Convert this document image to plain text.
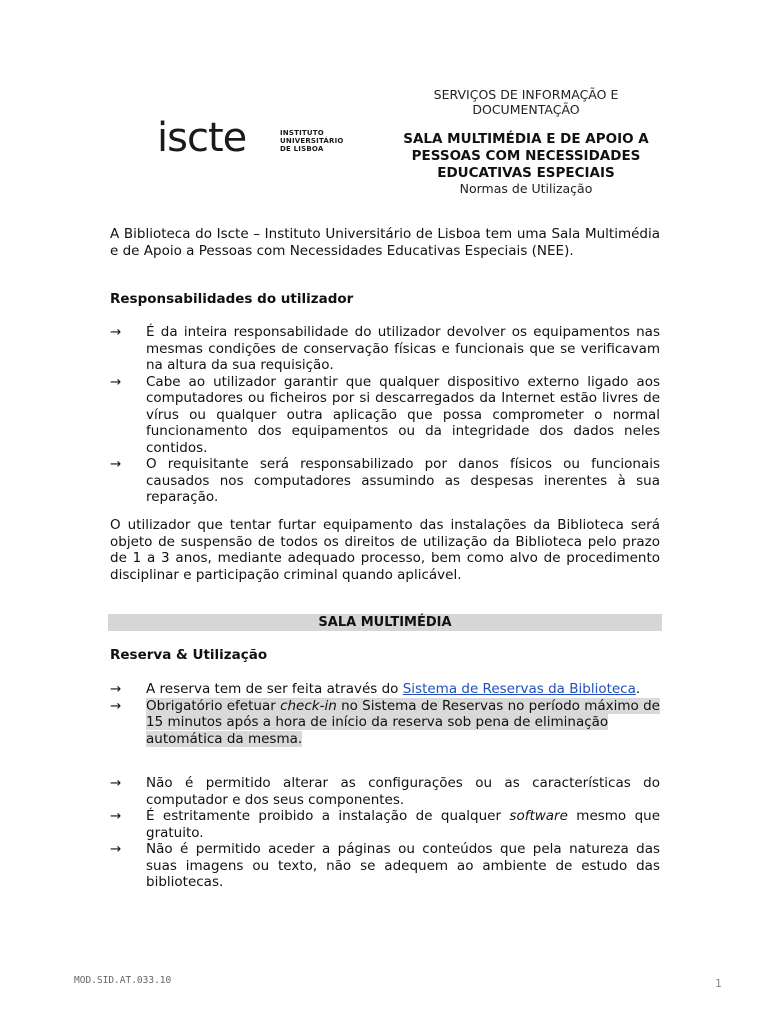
SERVIÇOS DE INFORMAÇÃO E DOCUMENTAÇÃO
iscte	INSTITUTO
UNIVERSITÁRIO
DE LISBOA
SALA MULTIMÉDIA E DE APOIO A PESSOAS COM NECESSIDADES EDUCATIVAS ESPECIAIS
Normas de Utilização

A Biblioteca do Iscte – Instituto Universitário de Lisboa tem uma Sala Multimédia e de Apoio a Pessoas com Necessidades Educativas Especiais (NEE).

Responsabilidades do utilizador
→	É da inteira responsabilidade do utilizador devolver os equipamentos nas mesmas condições de conservação físicas e funcionais que se verificavam na altura da sua requisição.
→	Cabe ao utilizador garantir que qualquer dispositivo externo ligado aos computadores ou ficheiros por si descarregados da Internet estão livres de vírus ou qualquer outra aplicação que possa comprometer o normal funcionamento dos equipamentos ou da integridade dos dados neles contidos.
→	O requisitante será responsabilizado por danos físicos ou funcionais causados nos computadores assumindo as despesas inerentes à sua reparação.

O utilizador que tentar furtar equipamento das instalações da Biblioteca será objeto de suspensão de todos os direitos de utilização da Biblioteca pelo prazo de 1 a 3 anos, mediante adequado processo, bem como alvo de procedimento disciplinar e participação criminal quando aplicável.

SALA MULTIMÉDIA
Reserva & Utilização
→	A reserva tem de ser feita através do Sistema de Reservas da Biblioteca.
→	Obrigatório efetuar check-in no Sistema de Reservas no período máximo de 15 minutos após a hora de início da reserva sob pena de eliminação automática da mesma.
→	Não é permitido alterar as configurações ou as características do computador e dos seus componentes.
→	É estritamente proibido a instalação de qualquer software mesmo que gratuito.
→	Não é permitido aceder a páginas ou conteúdos que pela natureza das suas imagens ou texto, não se adequem ao ambiente de estudo das bibliotecas.
MOD.SID.AT.033.10	1
